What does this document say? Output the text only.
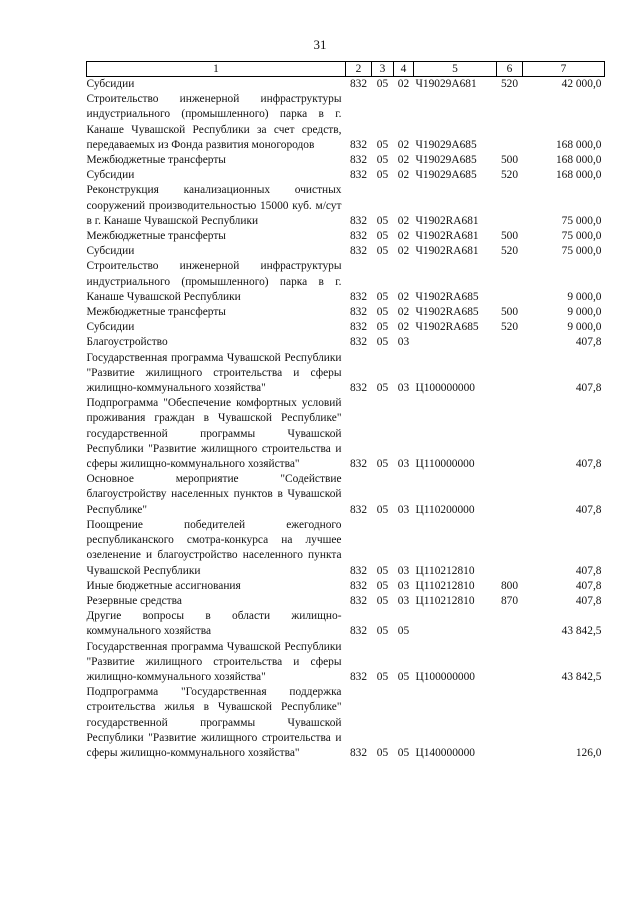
31
1	2	3	4	5	6	7
Субсидии	832	05	02	Ч19029А681	520	42 000,0
Строительство инженерной инфраструктуры индустриального (промышленного) парка в г. Канаше Чувашской Республики за счет средств, передаваемых из Фонда развития моногородов	832	05	02	Ч19029А685		168 000,0
Межбюджетные трансферты	832	05	02	Ч19029А685	500	168 000,0
Субсидии	832	05	02	Ч19029А685	520	168 000,0
Реконструкция канализационных очистных сооружений производительностью 15000 куб. м/сут в г. Канаше Чувашской Республики	832	05	02	Ч1902RA681		75 000,0
Межбюджетные трансферты	832	05	02	Ч1902RA681	500	75 000,0
Субсидии	832	05	02	Ч1902RA681	520	75 000,0
Строительство инженерной инфраструктуры индустриального (промышленного) парка в г. Канаше Чувашской Республики	832	05	02	Ч1902RA685		9 000,0
Межбюджетные трансферты	832	05	02	Ч1902RA685	500	9 000,0
Субсидии	832	05	02	Ч1902RA685	520	9 000,0
Благоустройство	832	05	03			407,8
Государственная программа Чувашской Республики "Развитие жилищного строительства и сферы жилищно-коммунального хозяйства"	832	05	03	Ц100000000		407,8
Подпрограмма "Обеспечение комфортных условий проживания граждан в Чувашской Республике" государственной программы Чувашской Республики "Развитие жилищного строительства и сферы жилищно-коммунального хозяйства"	832	05	03	Ц110000000		407,8
Основное мероприятие "Содействие благоустройству населенных пунктов в Чувашской Республике"	832	05	03	Ц110200000		407,8
Поощрение победителей ежегодного республиканского смотра-конкурса на лучшее озеленение и благоустройство населенного пункта Чувашской Республики	832	05	03	Ц110212810		407,8
Иные бюджетные ассигнования	832	05	03	Ц110212810	800	407,8
Резервные средства	832	05	03	Ц110212810	870	407,8
Другие вопросы в области жилищно-коммунального хозяйства	832	05	05			43 842,5
Государственная программа Чувашской Республики "Развитие жилищного строительства и сферы жилищно-коммунального хозяйства"	832	05	05	Ц100000000		43 842,5
Подпрограмма "Государственная поддержка строительства жилья в Чувашской Республике" государственной программы Чувашской Республики "Развитие жилищного строительства и сферы жилищно-коммунального хозяйства"	832	05	05	Ц140000000		126,0
